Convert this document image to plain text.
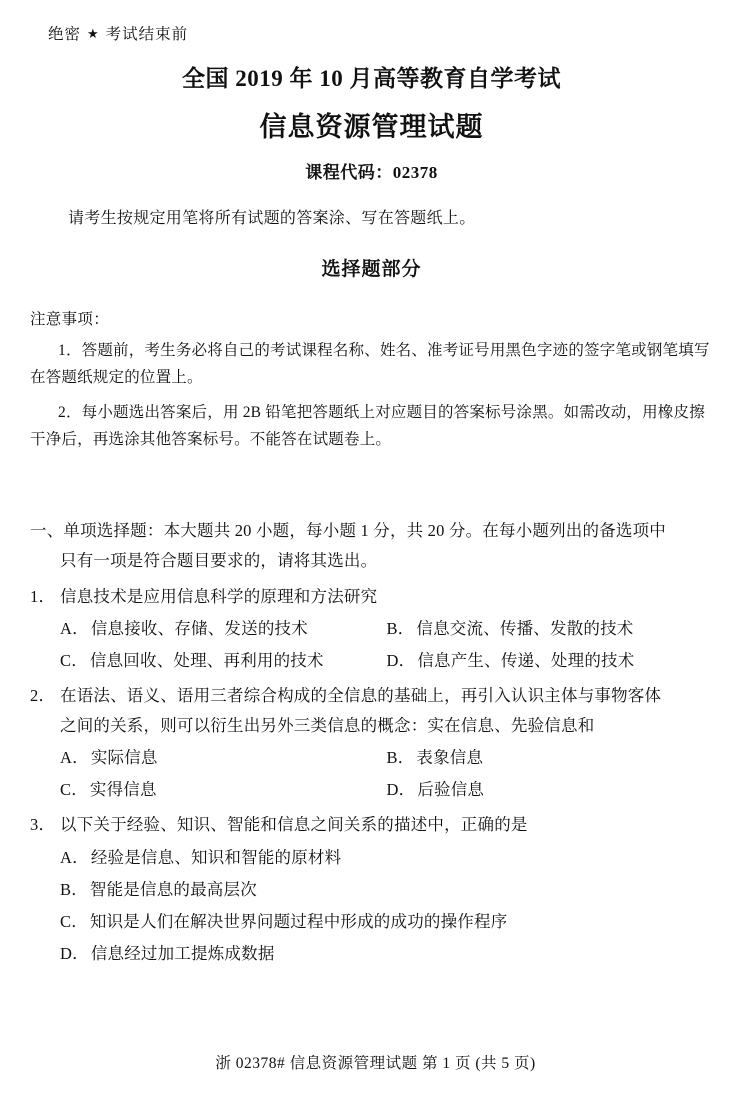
绝密 ★ 考试结束前
全国 2019 年 10 月高等教育自学考试
信息资源管理试题
课程代码：02378
请考生按规定用笔将所有试题的答案涂、写在答题纸上。
选择题部分
注意事项：
1．答题前，考生务必将自己的考试课程名称、姓名、准考证号用黑色字迹的签字笔或钢笔填写在答题纸规定的位置上。
2．每小题选出答案后，用 2B 铅笔把答题纸上对应题目的答案标号涂黑。如需改动，用橡皮擦干净后，再选涂其他答案标号。不能答在试题卷上。
一、单项选择题：本大题共 20 小题，每小题 1 分，共 20 分。在每小题列出的备选项中
只有一项是符合题目要求的，请将其选出。
1． 信息技术是应用信息科学的原理和方法研究
A． 信息接收、存储、发送的技术	B． 信息交流、传播、发散的技术
C． 信息回收、处理、再利用的技术	D． 信息产生、传递、处理的技术
2． 在语法、语义、语用三者综合构成的全信息的基础上，再引入认识主体与事物客体
之间的关系，则可以衍生出另外三类信息的概念：实在信息、先验信息和
A． 实际信息	B． 表象信息
C． 实得信息	D． 后验信息
3． 以下关于经验、知识、智能和信息之间关系的描述中，正确的是
A． 经验是信息、知识和智能的原材料
B． 智能是信息的最高层次
C． 知识是人们在解决世界问题过程中形成的成功的操作程序
D． 信息经过加工提炼成数据
浙 02378# 信息资源管理试题 第 1 页 (共 5 页)
